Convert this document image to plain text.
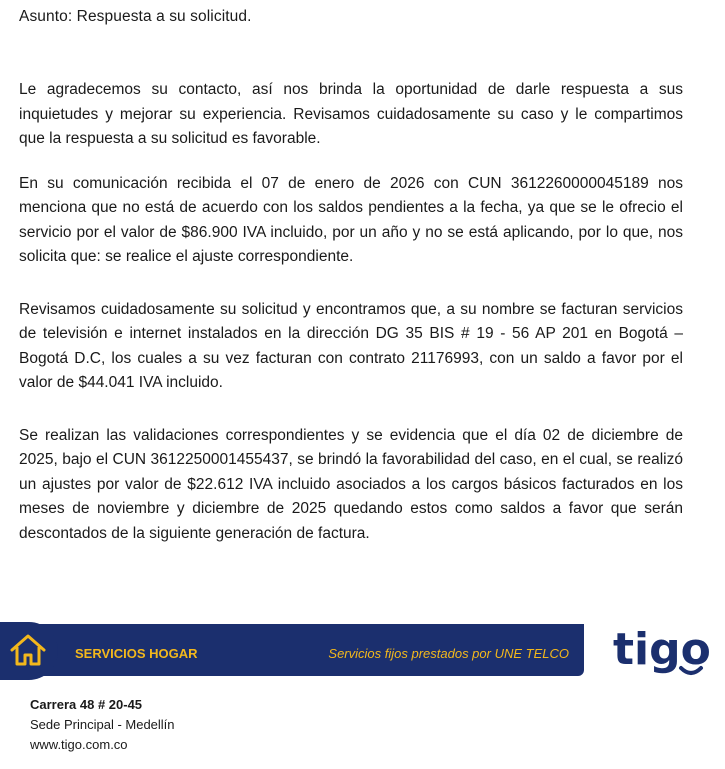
Asunto: Respuesta a su solicitud.

Le agradecemos su contacto, así nos brinda la oportunidad de darle respuesta a sus inquietudes y mejorar su experiencia. Revisamos cuidadosamente su caso y le compartimos que la respuesta a su solicitud es favorable.

En su comunicación recibida el 07 de enero de 2026 con CUN 3612260000045189 nos menciona que no está de acuerdo con los saldos pendientes a la fecha, ya que se le ofrecio el servicio por el valor de $86.900 IVA incluido, por un año y no se está aplicando, por lo que, nos solicita que: se realice el ajuste correspondiente.

Revisamos cuidadosamente su solicitud y encontramos que, a su nombre se facturan servicios de televisión e internet instalados en la dirección DG 35 BIS # 19 - 56 AP 201 en Bogotá – Bogotá D.C, los cuales a su vez facturan con contrato 21176993, con un saldo a favor por el valor de $44.041 IVA incluido.

Se realizan las validaciones correspondientes y se evidencia que el día 02 de diciembre de 2025, bajo el CUN 3612250001455437, se brindó la favorabilidad del caso, en el cual, se realizó un ajustes por valor de $22.612 IVA incluido asociados a los cargos básicos facturados en los meses de noviembre y diciembre de 2025 quedando estos como saldos a favor que serán descontados de la siguiente generación de factura.

SERVICIOS HOGAR	Servicios fijos prestados por UNE TELCO tigo
Carrera 48 # 20-45
Sede Principal - Medellín
www.tigo.com.co
